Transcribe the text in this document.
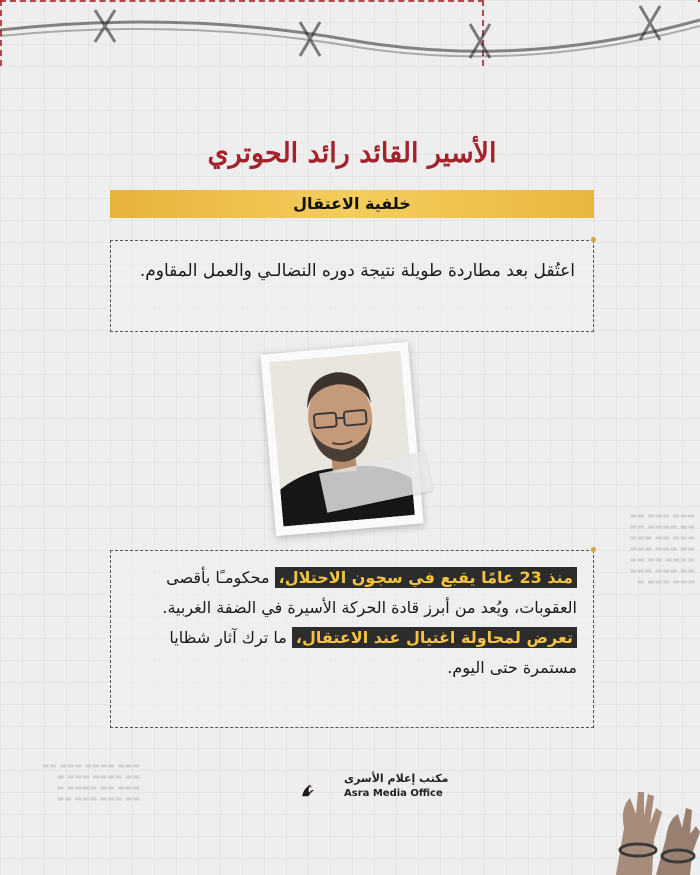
▬▬▬ ▬▬▬ ▬▬
▬▬ ▬▬▬▬ ▬▬
▬▬▬ ▬▬ ▬▬▬
▬▬ ▬▬▬ ▬▬▬
▬▬▬▬ ▬▬ ▬▬
▬▬ ▬▬▬ ▬▬▬
▬▬▬ ▬▬▬ ▬
▬▬▬ ▬▬▬▬ ▬▬▬ ▬▬
▬▬ ▬▬▬▬ ▬▬▬ ▬
▬▬▬ ▬▬ ▬▬▬▬ ▬
▬▬ ▬▬▬ ▬▬▬ ▬▬
الأسير القائد رائد الحوتري
خلفية الاعتقال
اعتُقل بعد مطاردة طويلة نتيجة دوره النضالـي والعمل المقاوم.
منذ 23 عامًا يقبع في سجون الاحتلال، محكومـًا بأقصى العقوبات، ويُعد من أبرز قادة الحركة الأسيرة في الضفة الغربية.
تعرض لمحاولة اغتيال عند الاعتقال، ما ترك آثار شظايا مستمرة حتى اليوم.
مكتب إعلام الأسرى
Asra Media Office
